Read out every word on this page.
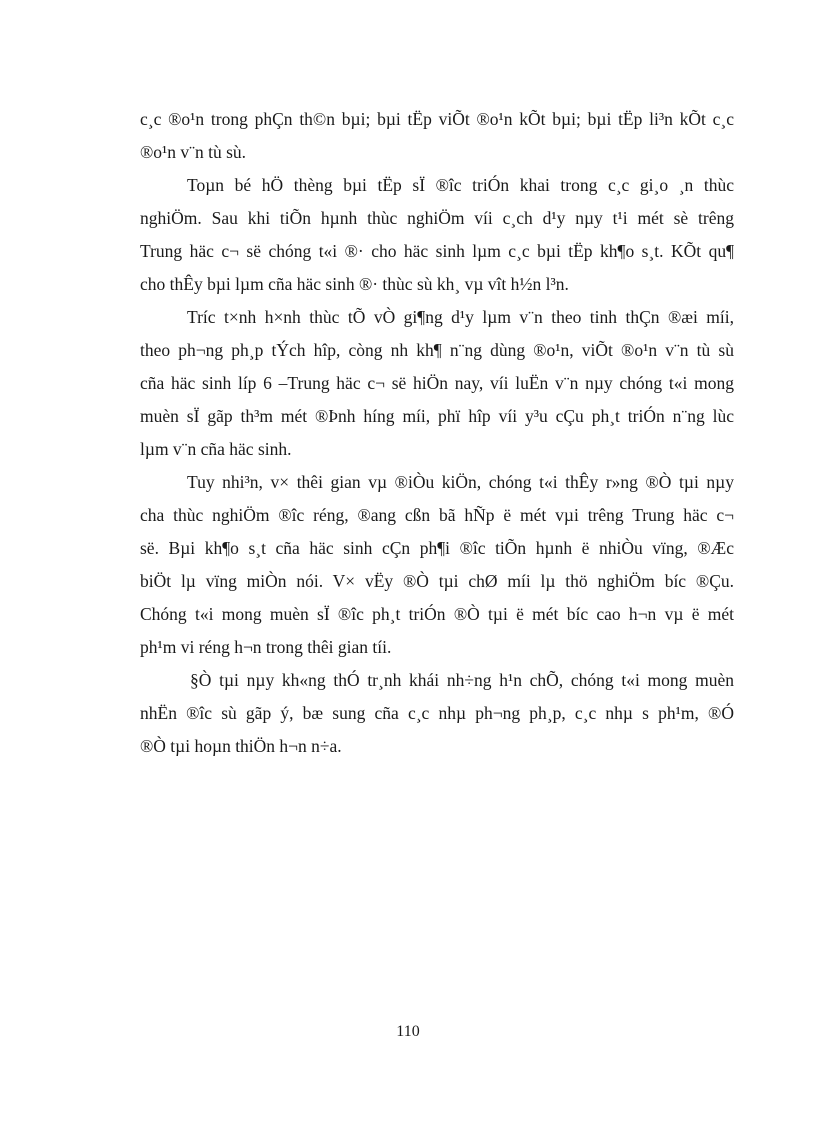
c¸c ®o¹n trong phÇn th©n bµi; bµi tËp viÕt ®o¹n kÕt bµi; bµi tËp li³n kÕt c¸c
®o¹n v¨n tù sù.
Toµn bé hÖ thèng bµi tËp sÏ ®îc triÓn khai trong c¸c gi¸o ¸n thùc
nghiÖm. Sau khi tiÕn hµnh thùc nghiÖm víi c¸ch d¹y nµy t¹i mét sè trêng
Trung häc c¬ së chóng t«i ®· cho häc sinh lµm c¸c bµi tËp kh¶o s¸t. KÕt qu¶
cho thÊy bµi lµm cña häc sinh ®· thùc sù kh¸ vµ vît h½n l³n.
Tríc t×nh h×nh thùc tÕ vÒ gi¶ng d¹y lµm v¨n theo tinh thÇn ®æi míi,
theo ph¬ng ph¸p tÝch hîp, còng nh kh¶ n¨ng dùng ®o¹n, viÕt ®o¹n v¨n tù sù
cña häc sinh líp 6 –Trung häc c¬ së hiÖn nay, víi luËn v¨n nµy chóng t«i mong
muèn sÏ gãp th³m mét ®Þnh híng míi, phï hîp víi y³u cÇu ph¸t triÓn n¨ng lùc
lµm v¨n cña häc sinh.
Tuy nhi³n, v× thêi gian vµ ®iÒu kiÖn, chóng t«i thÊy r»ng ®Ò tµi nµy
cha thùc nghiÖm ®îc réng, ®ang cßn bã hÑp ë mét vµi trêng Trung häc c¬
së. Bµi kh¶o s¸t cña häc sinh cÇn ph¶i ®îc tiÕn hµnh ë nhiÒu vïng, ®Æc
biÖt lµ vïng miÒn nói. V× vËy ®Ò tµi chØ míi lµ thö nghiÖm bíc ®Çu.
Chóng t«i mong muèn sÏ ®îc ph¸t triÓn ®Ò tµi ë mét bíc cao h¬n vµ ë mét
ph¹m vi réng h¬n trong thêi gian tíi.
§Ò tµi nµy kh«ng thÓ tr¸nh khái nh÷ng h¹n chÕ, chóng t«i mong muèn
nhËn ®îc sù gãp ý, bæ sung cña c¸c nhµ ph¬ng ph¸p, c¸c nhµ s ph¹m, ®Ó
®Ò tµi hoµn thiÖn h¬n n÷a.
110
